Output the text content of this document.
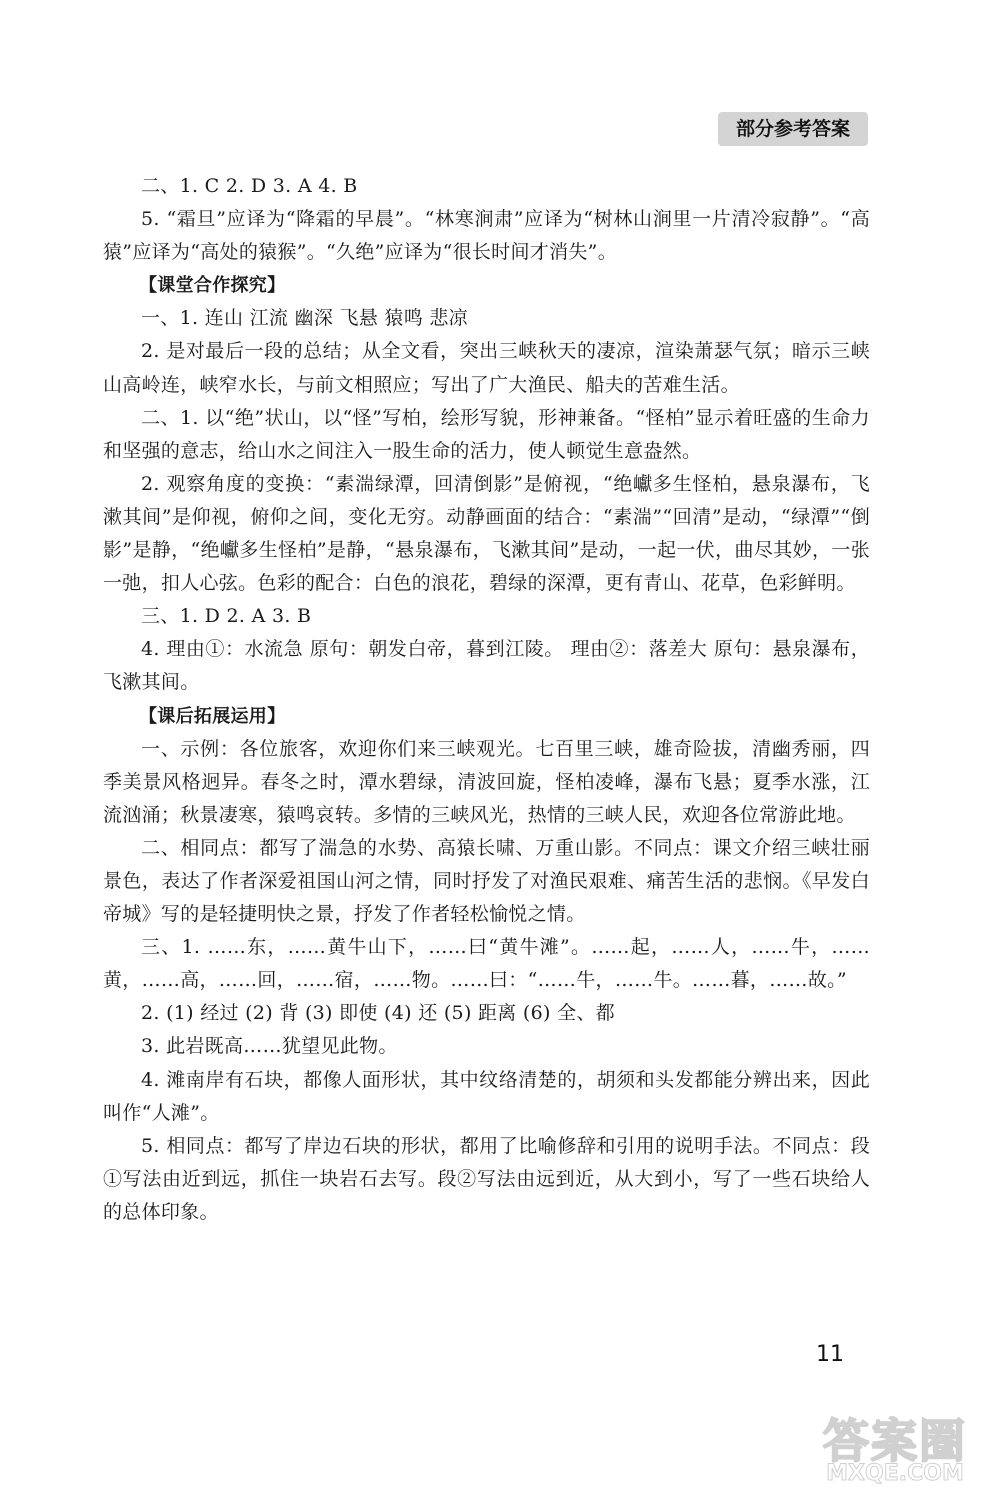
部分参考答案

二、1. C 2. D 3. A 4. B

5. “霜旦”应译为“降霜的早晨”。“林寒涧肃”应译为“树林山涧里一片清冷寂静”。“高猿”应译为“高处的猿猴”。“久绝”应译为“很长时间才消失”。

【课堂合作探究】

一、1. 连山 江流 幽深 飞悬 猿鸣 悲凉

2. 是对最后一段的总结；从全文看，突出三峡秋天的凄凉，渲染萧瑟气氛；暗示三峡山高岭连，峡窄水长，与前文相照应；写出了广大渔民、船夫的苦难生活。

二、1. 以“绝”状山，以“怪”写柏，绘形写貌，形神兼备。“怪柏”显示着旺盛的生命力和坚强的意志，给山水之间注入一股生命的活力，使人顿觉生意盎然。

2. 观察角度的变换：“素湍绿潭，回清倒影”是俯视，“绝巘多生怪柏，悬泉瀑布，飞漱其间”是仰视，俯仰之间，变化无穷。动静画面的结合：“素湍”“回清”是动，“绿潭”“倒影”是静，“绝巘多生怪柏”是静，“悬泉瀑布，飞漱其间”是动，一起一伏，曲尽其妙，一张一弛，扣人心弦。色彩的配合：白色的浪花，碧绿的深潭，更有青山、花草，色彩鲜明。

三、1. D 2. A 3. B

4. 理由①：水流急 原句：朝发白帝，暮到江陵。 理由②：落差大 原句：悬泉瀑布，飞漱其间。

【课后拓展运用】

一、示例：各位旅客，欢迎你们来三峡观光。七百里三峡，雄奇险拔，清幽秀丽，四季美景风格迥异。春冬之时，潭水碧绿，清波回旋，怪柏凌峰，瀑布飞悬；夏季水涨，江流汹涌；秋景凄寒，猿鸣哀转。多情的三峡风光，热情的三峡人民，欢迎各位常游此地。

二、相同点：都写了湍急的水势、高猿长啸、万重山影。不同点：课文介绍三峡壮丽景色，表达了作者深爱祖国山河之情，同时抒发了对渔民艰难、痛苦生活的悲悯。《早发白帝城》写的是轻捷明快之景，抒发了作者轻松愉悦之情。

三、1. ……东，……黄牛山下，……曰“黄牛滩”。……起，……人，……牛，……黄，……高，……回，……宿，……物。……曰：“……牛，……牛。……暮，……故。”

2. (1) 经过 (2) 背 (3) 即使 (4) 还 (5) 距离 (6) 全、都

3. 此岩既高……犹望见此物。

4. 滩南岸有石块，都像人面形状，其中纹络清楚的，胡须和头发都能分辨出来，因此叫作“人滩”。

5. 相同点：都写了岸边石块的形状，都用了比喻修辞和引用的说明手法。不同点：段①写法由近到远，抓住一块岩石去写。段②写法由远到近，从大到小，写了一些石块给人的总体印象。

11
答案圈
MXQE.COM
